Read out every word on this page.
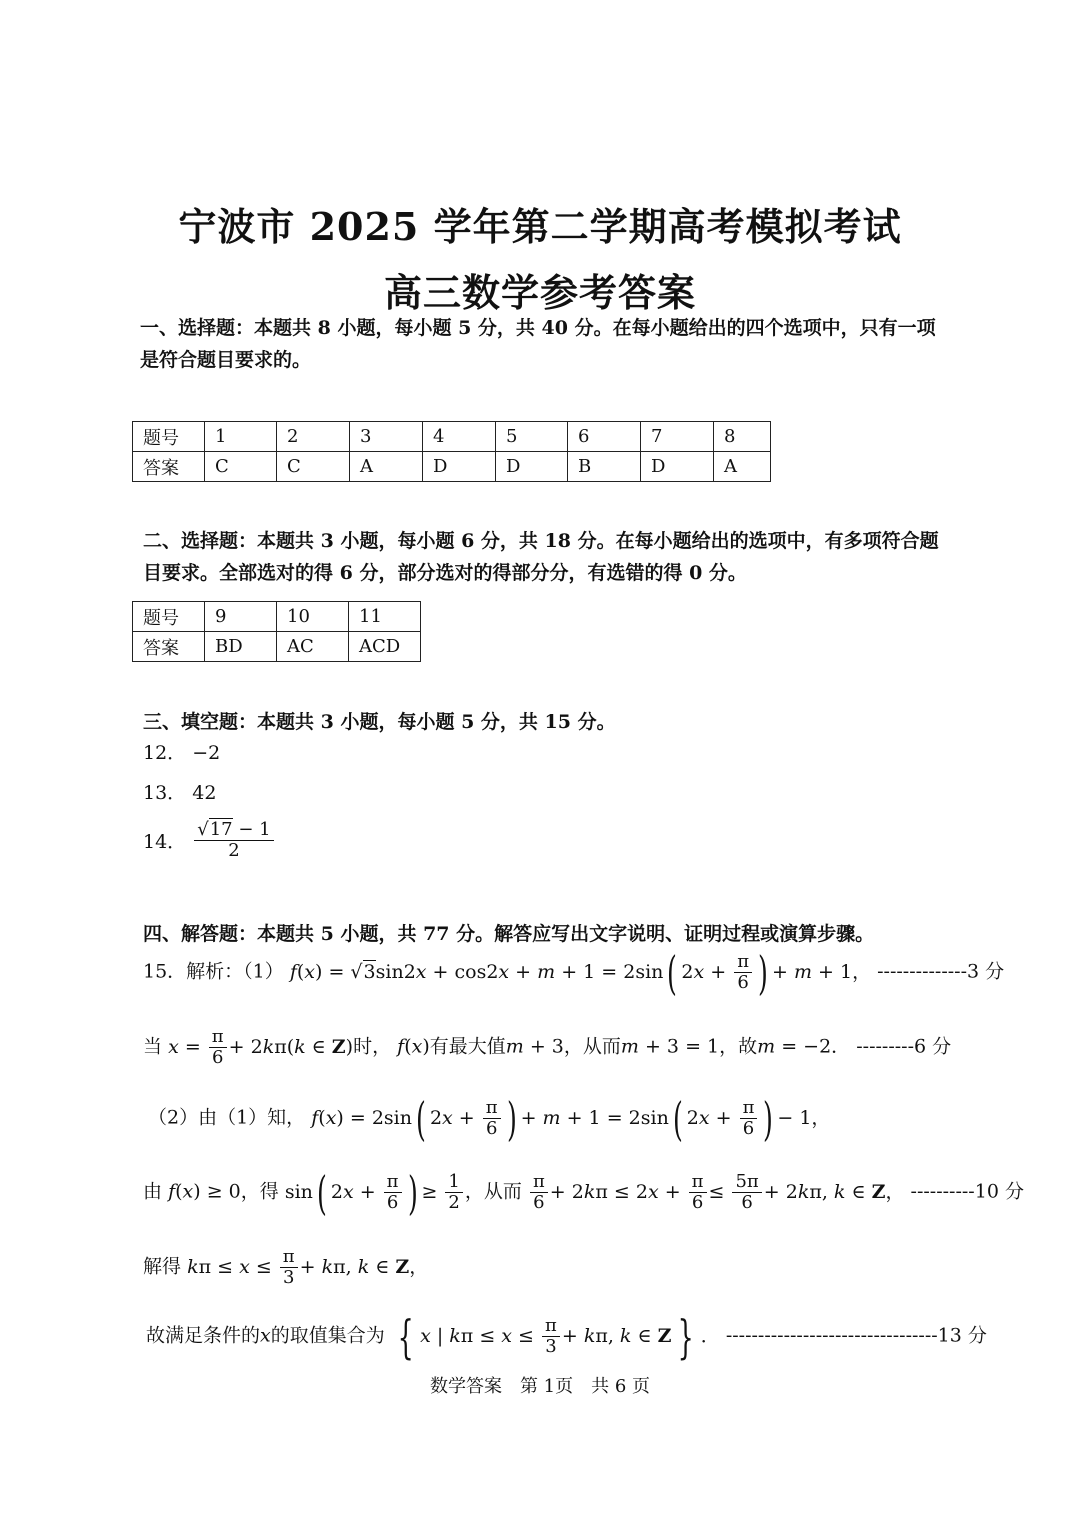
宁波市 2025 学年第二学期高考模拟考试
高三数学参考答案
一、选择题：本题共 8 小题，每小题 5 分，共 40 分。在每小题给出的四个选项中，只有一项是符合题目要求的。
题号	1	2	3	4	5	6	7	8
答案	C	C	A	D	D	B	D	A
二、选择题：本题共 3 小题，每小题 6 分，共 18 分。在每小题给出的选项中，有多项符合题目要求。全部选对的得 6 分，部分选对的得部分分，有选错的得 0 分。
题号	9	10	11
答案	BD	AC	ACD
三、填空题：本题共 3 小题，每小题 5 分，共 15 分。
12． −2
13． 42
14． $\frac{√17 - 1}{2}$
四、解答题：本题共 5 小题，共 77 分。解答应写出文字说明、证明过程或演算步骤。
15．解析：（1） f(x) = √3sin2x + cos2x + m + 1 = 2sin( $2x + \frac{\pi}{6}$ ) + m + 1， --------------3 分
当 $x = \frac{\pi}{6} + 2k\pi(k$ ∈ Z)时， f(x)有最大值m + 3，从而m + 3 = 1，故m = −2． ---------6 分
（2）由（1）知， f(x) = 2sin( $2x + \frac{\pi}{6}$ ) + m + 1 = 2sin( $2x + \frac{\pi}{6}$ ) − 1，
由 f(x) ≥ 0，得 sin( $2x + \frac{\pi}{6}$ ) ≥ $\frac{1}{2}$ ，从而 $\frac{\pi}{6} + 2k\pi \le 2x + \frac{\pi}{6} \le \frac{5\pi}{6} + 2k\pi$, k ∈ Z， ----------10 分
解得 $k\pi \le x \le \frac{\pi}{3} + k\pi$, k ∈ Z，
故满足条件的x的取值集合为 { x | $k\pi \le x \le \frac{\pi}{3} + k\pi$, k ∈ Z } ． ---------------------------------13 分
数学答案　第 1页　共 6 页
